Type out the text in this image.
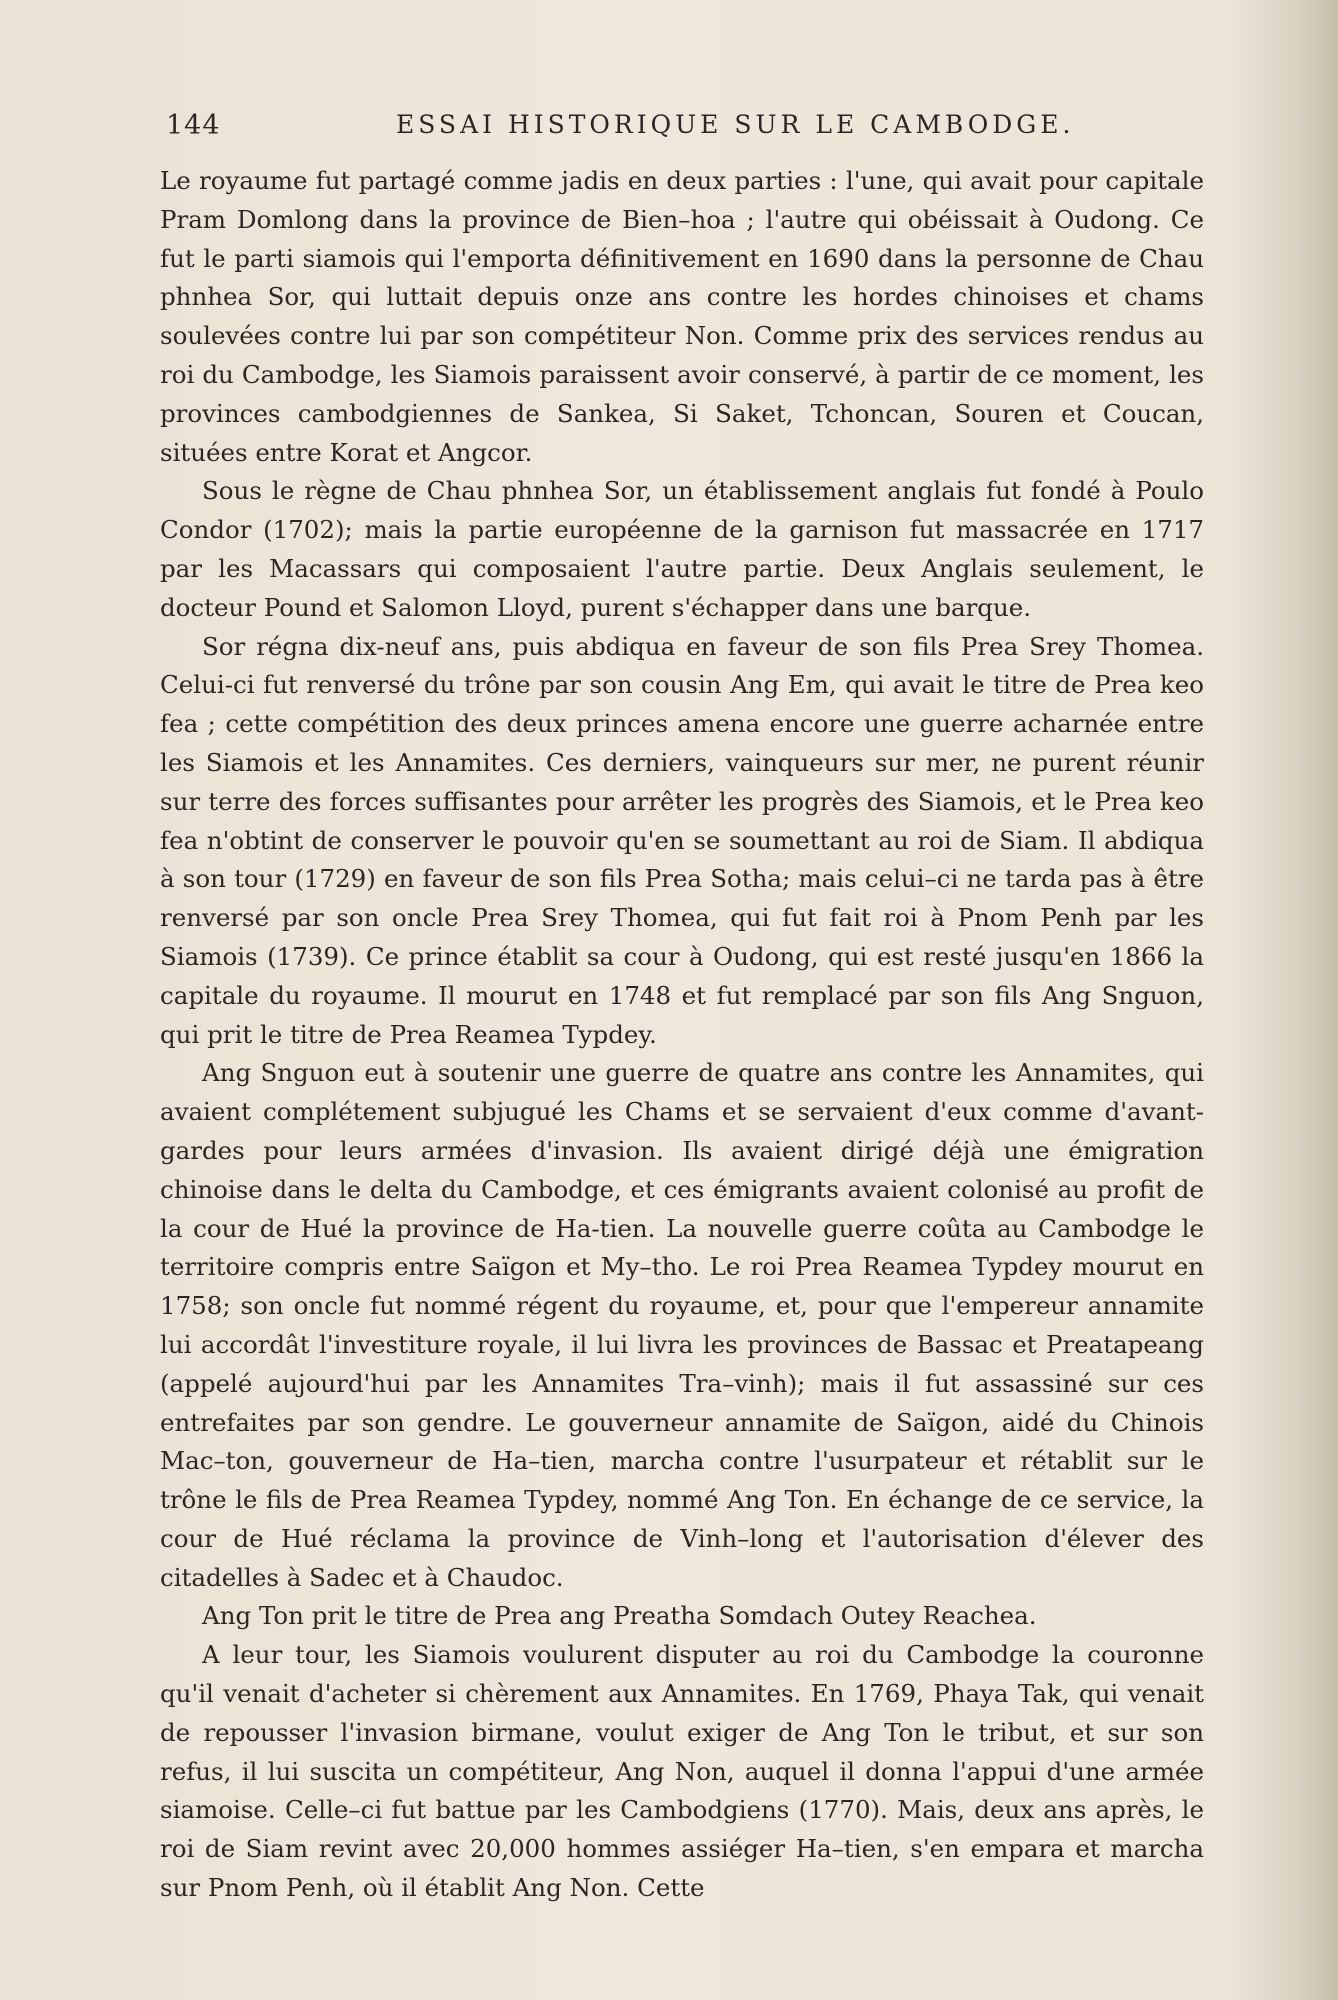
144	ESSAI HISTORIQUE SUR LE CAMBODGE.

Le royaume fut partagé comme jadis en deux parties : l'une, qui avait pour capitale Pram Domlong dans la province de Bien–hoa ; l'autre qui obéissait à Oudong. Ce fut le parti siamois qui l'emporta définitivement en 1690 dans la personne de Chau phnhea Sor, qui luttait depuis onze ans contre les hordes chinoises et chams soulevées contre lui par son compétiteur Non. Comme prix des services rendus au roi du Cambodge, les Siamois paraissent avoir conservé, à partir de ce moment, les provinces cambodgiennes de Sankea, Si Saket, Tchoncan, Souren et Coucan, situées entre Korat et Angcor.

Sous le règne de Chau phnhea Sor, un établissement anglais fut fondé à Poulo Condor (1702); mais la partie européenne de la garnison fut massacrée en 1717 par les Macassars qui composaient l'autre partie. Deux Anglais seulement, le docteur Pound et Salomon Lloyd, purent s'échapper dans une barque.

Sor régna dix-neuf ans, puis abdiqua en faveur de son fils Prea Srey Thomea. Celui-ci fut renversé du trône par son cousin Ang Em, qui avait le titre de Prea keo fea ; cette compétition des deux princes amena encore une guerre acharnée entre les Siamois et les Annamites. Ces derniers, vainqueurs sur mer, ne purent réunir sur terre des forces suffisantes pour arrêter les progrès des Siamois, et le Prea keo fea n'obtint de conserver le pouvoir qu'en se soumettant au roi de Siam. Il abdiqua à son tour (1729) en faveur de son fils Prea Sotha; mais celui–ci ne tarda pas à être renversé par son oncle Prea Srey Thomea, qui fut fait roi à Pnom Penh par les Siamois (1739). Ce prince établit sa cour à Oudong, qui est resté jusqu'en 1866 la capitale du royaume. Il mourut en 1748 et fut remplacé par son fils Ang Snguon, qui prit le titre de Prea Reamea Typdey.

Ang Snguon eut à soutenir une guerre de quatre ans contre les Annamites, qui avaient complétement subjugué les Chams et se servaient d'eux comme d'avant-gardes pour leurs armées d'invasion. Ils avaient dirigé déjà une émigration chinoise dans le delta du Cambodge, et ces émigrants avaient colonisé au profit de la cour de Hué la province de Ha-tien. La nouvelle guerre coûta au Cambodge le territoire compris entre Saïgon et My–tho. Le roi Prea Reamea Typdey mourut en 1758; son oncle fut nommé régent du royaume, et, pour que l'empereur annamite lui accordât l'investiture royale, il lui livra les provinces de Bassac et Preatapeang (appelé aujourd'hui par les Annamites Tra–vinh); mais il fut assassiné sur ces entrefaites par son gendre. Le gouverneur annamite de Saïgon, aidé du Chinois Mac–ton, gouverneur de Ha–tien, marcha contre l'usurpateur et rétablit sur le trône le fils de Prea Reamea Typdey, nommé Ang Ton. En échange de ce service, la cour de Hué réclama la province de Vinh–long et l'autorisation d'élever des citadelles à Sadec et à Chaudoc.

Ang Ton prit le titre de Prea ang Preatha Somdach Outey Reachea.

A leur tour, les Siamois voulurent disputer au roi du Cambodge la couronne qu'il venait d'acheter si chèrement aux Annamites. En 1769, Phaya Tak, qui venait de repousser l'invasion birmane, voulut exiger de Ang Ton le tribut, et sur son refus, il lui suscita un compétiteur, Ang Non, auquel il donna l'appui d'une armée siamoise. Celle–ci fut battue par les Cambodgiens (1770). Mais, deux ans après, le roi de Siam revint avec 20,000 hommes assiéger Ha–tien, s'en empara et marcha sur Pnom Penh, où il établit Ang Non. Cette
